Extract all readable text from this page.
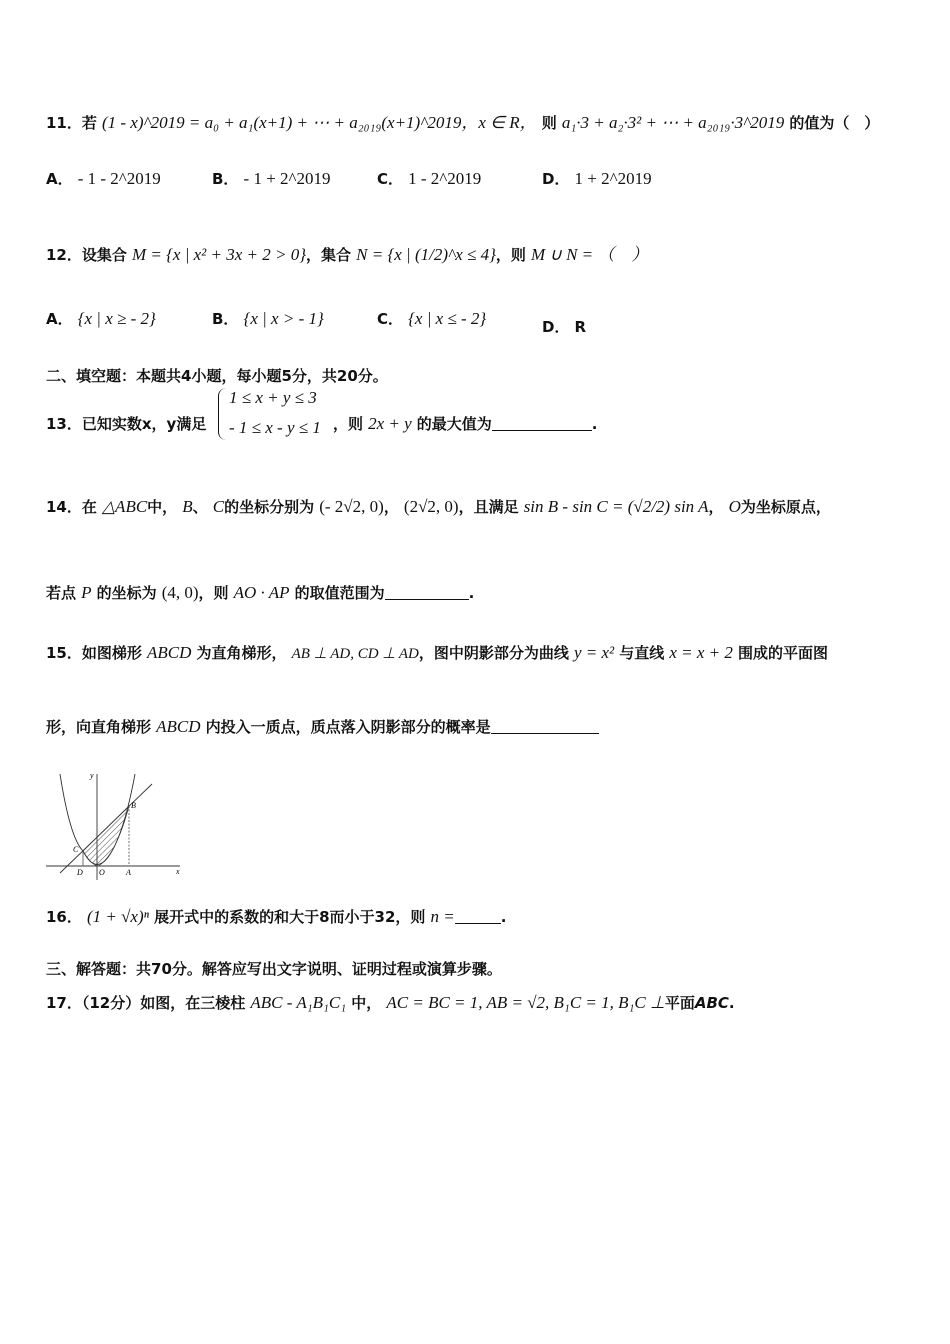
11．若 (1 - x)^2019 = a₀ + a₁(x+1) + ⋯ + a₂₀₁₉(x+1)^2019，x ∈ R， 则 a₁·3 + a₂·3² + ⋯ + a₂₀₁₉·3^2019 的值为（　）
A． - 1 - 2^2019	B． - 1 + 2^2019	C． 1 - 2^2019	D． 1 + 2^2019
12．设集合 M = {x | x² + 3x + 2 > 0}，集合 N = {x | (1/2)^x ≤ 4}，则 M ∪ N = （　）
A． {x | x ≥ - 2}	B． {x | x > - 1}	C． {x | x ≤ - 2}	D． R
二、填空题：本题共4小题，每小题5分，共20分。
1 ≤ x + y ≤ 3
- 1 ≤ x - y ≤ 1
13．已知实数x，y满足	，则 2x + y 的最大值为	.
14．在 △ABC中， B、 C的坐标分别为 (- 2√2, 0)， (2√2, 0)，且满足 sin B - sin C = (√2/2) sin A， O为坐标原点，
若点 P 的坐标为 (4, 0)，则 AO · AP 的取值范围为	.
15．如图梯形 ABCD 为直角梯形， AB ⊥ AD, CD ⊥ AD，图中阴影部分为曲线 y = x² 与直线 x = x + 2 围成的平面图
形，向直角梯形 ABCD 内投入一质点，质点落入阴影部分的概率是
y
x
B
C
D O	A
16． (1 + √x)ⁿ 展开式中的系数的和大于8而小于32，则 n =	.
三、解答题：共70分。解答应写出文字说明、证明过程或演算步骤。
17．（12分）如图，在三棱柱 ABC - A₁B₁C₁ 中， AC = BC = 1, AB = √2, B₁C = 1, B₁C ⊥平面ABC.
